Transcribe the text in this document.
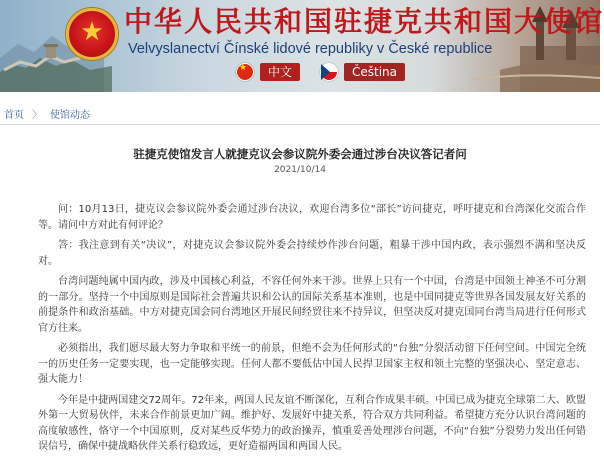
★ 中华人民共和国驻捷克共和国大使馆
Velvyslanectví Čínské lidové republiky v České republice
★	中文	Čeština
首页 〉 使馆动态
驻捷克使馆发言人就捷克议会参议院外委会通过涉台决议答记者问
2021/10/14

问：10月13日，捷克议会参议院外委会通过涉台决议，欢迎台湾多位“部长”访问捷克，呼吁捷克和台湾深化交流合作等。请问中方对此有何评论？

答：我注意到有关“决议”，对捷克议会参议院外委会持续炒作涉台问题，粗暴干涉中国内政，表示强烈不满和坚决反对。

台湾问题纯属中国内政，涉及中国核心利益，不容任何外来干涉。世界上只有一个中国，台湾是中国领土神圣不可分割的一部分。坚持一个中国原则是国际社会普遍共识和公认的国际关系基本准则，也是中国同捷克等世界各国发展友好关系的前提条件和政治基础。中方对捷克国会同台湾地区开展民间经贸往来不持异议，但坚决反对捷克国同台湾当局进行任何形式官方往来。

必须指出，我们愿尽最大努力争取和平统一的前景，但绝不会为任何形式的“台独”分裂活动留下任何空间。中国完全统一的历史任务一定要实现，也一定能够实现。任何人都不要低估中国人民捍卫国家主权和领土完整的坚强决心、坚定意志、强大能力！

今年是中捷两国建交72周年。72年来，两国人民友谊不断深化，互利合作成果丰硕。中国已成为捷克全球第二大、欧盟外第一大贸易伙伴，未来合作前景更加广阔。维护好、发展好中捷关系，符合双方共同利益。希望捷方充分认识台湾问题的高度敏感性，恪守一个中国原则，反对某些反华势力的政治操弄，慎重妥善处理涉台问题，不向“台独”分裂势力发出任何错误信号，确保中捷战略伙伴关系行稳致远，更好造福两国和两国人民。
